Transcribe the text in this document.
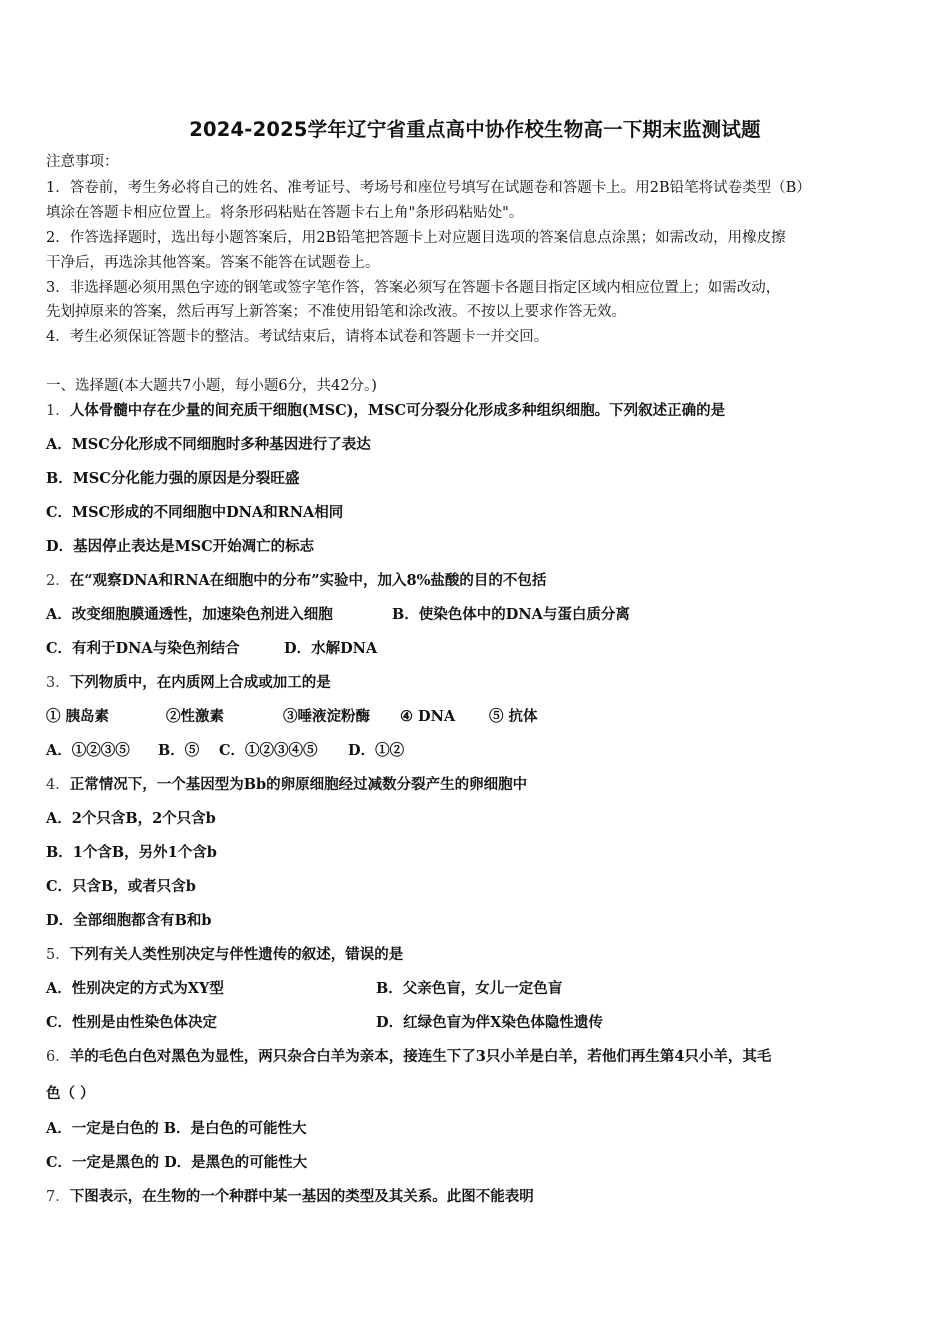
2024-2025学年辽宁省重点高中协作校生物高一下期末监测试题
注意事项：
1．答卷前，考生务必将自己的姓名、准考证号、考场号和座位号填写在试题卷和答题卡上。用2B铅笔将试卷类型（B）
填涂在答题卡相应位置上。将条形码粘贴在答题卡右上角"条形码粘贴处"。
2．作答选择题时，选出每小题答案后，用2B铅笔把答题卡上对应题目选项的答案信息点涂黑；如需改动，用橡皮擦
干净后，再选涂其他答案。答案不能答在试题卷上。
3．非选择题必须用黑色字迹的钢笔或签字笔作答，答案必须写在答题卡各题目指定区域内相应位置上；如需改动，
先划掉原来的答案，然后再写上新答案；不准使用铅笔和涂改液。不按以上要求作答无效。
4．考生必须保证答题卡的整洁。考试结束后，请将本试卷和答题卡一并交回。
一、选择题(本大题共7小题，每小题6分，共42分。)
1．人体骨髓中存在少量的间充质干细胞(MSC)，MSC可分裂分化形成多种组织细胞。下列叙述正确的是
A．MSC分化形成不同细胞时多种基因进行了表达
B．MSC分化能力强的原因是分裂旺盛
C．MSC形成的不同细胞中DNA和RNA相同
D．基因停止表达是MSC开始凋亡的标志
2．在“观察DNA和RNA在细胞中的分布”实验中，加入8%盐酸的目的不包括
A．改变细胞膜通透性，加速染色剂进入细胞	B．使染色体中的DNA与蛋白质分离
C．有利于DNA与染色剂结合	D．水解DNA
3．下列物质中，在内质网上合成或加工的是
① 胰岛素	②性激素	③唾液淀粉酶 ④ DNA ⑤ 抗体
A．①②③⑤ B．⑤ C．①②③④⑤ D．①②
4．正常情况下，一个基因型为Bb的卵原细胞经过减数分裂产生的卵细胞中
A．2个只含B，2个只含b
B．1个含B，另外1个含b
C．只含B，或者只含b
D．全部细胞都含有B和b
5．下列有关人类性别决定与伴性遗传的叙述，错误的是
A．性别决定的方式为XY型	B．父亲色盲，女儿一定色盲
C．性别是由性染色体决定	D．红绿色盲为伴X染色体隐性遗传
6．羊的毛色白色对黑色为显性，两只杂合白羊为亲本，接连生下了3只小羊是白羊，若他们再生第4只小羊，其毛
色（ ）
A．一定是白色的 B．是白色的可能性大
C．一定是黑色的 D．是黑色的可能性大
7．下图表示，在生物的一个种群中某一基因的类型及其关系。此图不能表明
